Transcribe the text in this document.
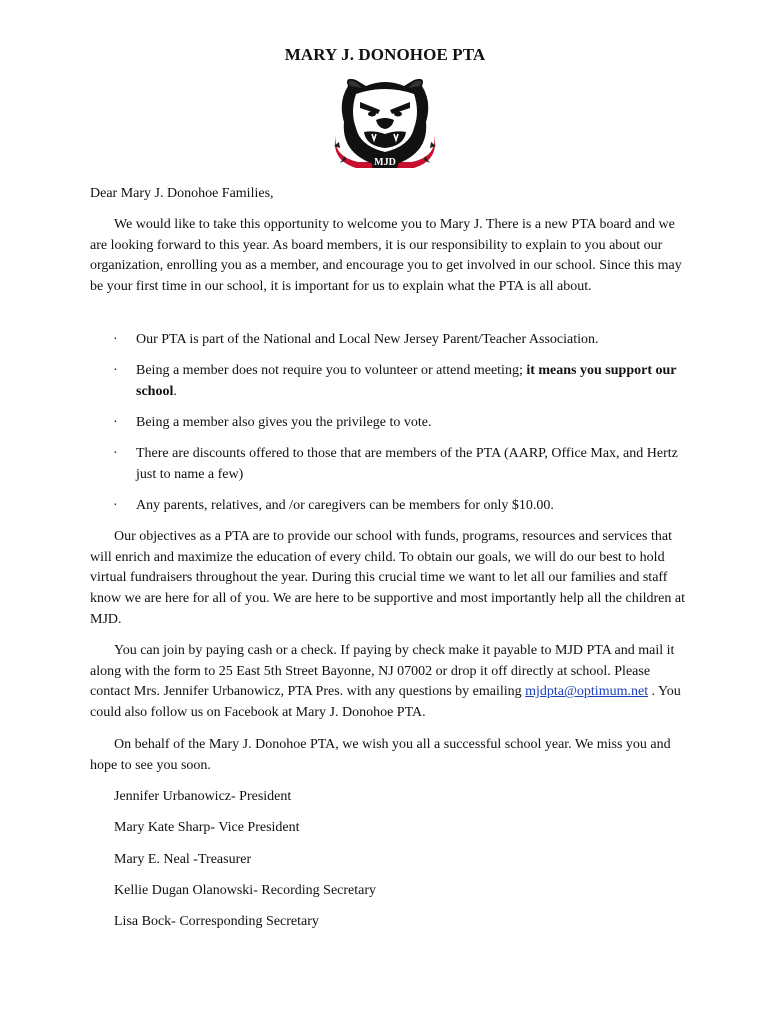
MARY J. DONOHOE PTA
MJD
Dear Mary J. Donohoe Families,
We would like to take this opportunity to welcome you to Mary J. There is a new PTA board and we are looking forward to this year. As board members, it is our responsibility to explain to you about our organization, enrolling you as a member, and encourage you to get involved in our school. Since this may be your first time in our school, it is important for us to explain what the PTA is all about.
· Our PTA is part of the National and Local New Jersey Parent/Teacher Association.
· Being a member does not require you to volunteer or attend meeting; it means you support our school.
· Being a member also gives you the privilege to vote.
· There are discounts offered to those that are members of the PTA (AARP, Office Max, and Hertz just to name a few)
· Any parents, relatives, and /or caregivers can be members for only $10.00.
Our objectives as a PTA are to provide our school with funds, programs, resources and services that will enrich and maximize the education of every child. To obtain our goals, we will do our best to hold virtual fundraisers throughout the year. During this crucial time we want to let all our families and staff know we are here for all of you. We are here to be supportive and most importantly help all the children at MJD.
You can join by paying cash or a check. If paying by check make it payable to MJD PTA and mail it along with the form to 25 East 5th Street Bayonne, NJ 07002 or drop it off directly at school. Please contact Mrs. Jennifer Urbanowicz, PTA Pres. with any questions by emailing mjdpta@optimum.net . You could also follow us on Facebook at Mary J. Donohoe PTA.
On behalf of the Mary J. Donohoe PTA, we wish you all a successful school year. We miss you and hope to see you soon.
Jennifer Urbanowicz- President
Mary Kate Sharp- Vice President
Mary E. Neal -Treasurer
Kellie Dugan Olanowski- Recording Secretary
Lisa Bock- Corresponding Secretary
